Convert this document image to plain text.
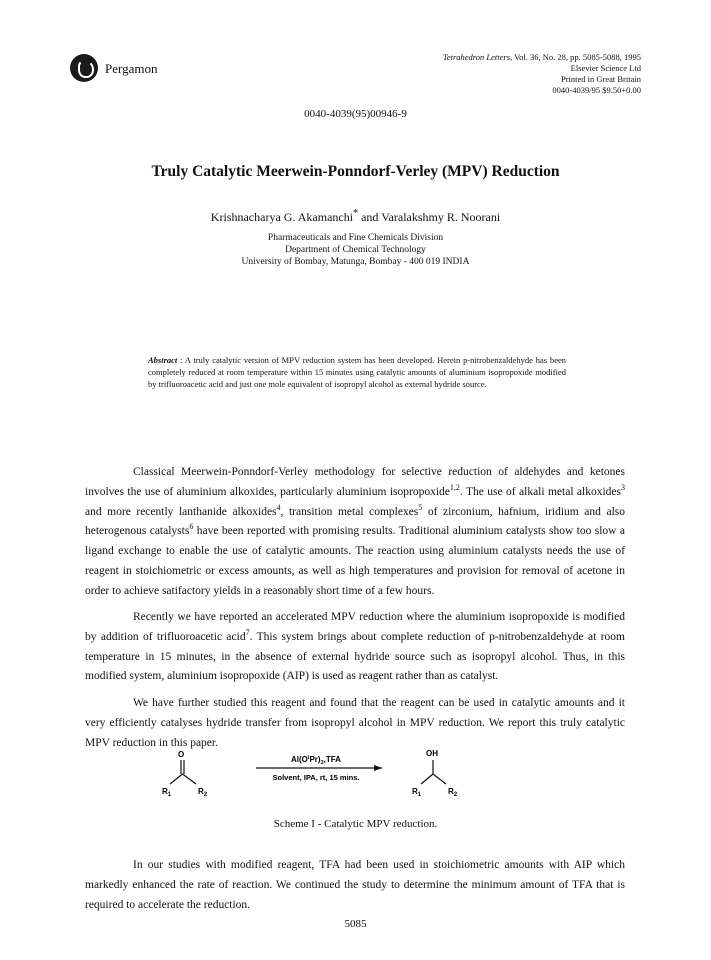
Pergamon
Tetrahedron Letters, Vol. 36, No. 28, pp. 5085-5088, 1995
Elsevier Science Ltd
Printed in Great Britain
0040-4039/95 $9.50+0.00
0040-4039(95)00946-9
Truly Catalytic Meerwein-Ponndorf-Verley (MPV) Reduction
Krishnacharya G. Akamanchi* and Varalakshmy R. Noorani
Pharmaceuticals and Fine Chemicals Division
Department of Chemical Technology
University of Bombay, Matunga, Bombay - 400 019 INDIA
Abstract : A truly catalytic version of MPV reduction system has been developed. Herein p-nitrobenzaldehyde has been completely reduced at room temperature within 15 minutes using catalytic amounts of aluminium isopropoxide modified by trifluoroacetic acid and just one mole equivalent of isopropyl alcohol as external hydride source.

Classical Meerwein-Ponndorf-Verley methodology for selective reduction of aldehydes and ketones involves the use of aluminium alkoxides, particularly aluminium isopropoxide$^{1,2}$. The use of alkali metal alkoxides$^3$ and more recently lanthanide alkoxides$^4$, transition metal complexes$^5$ of zirconium, hafnium, iridium and also heterogenous catalysts$^6$ have been reported with promising results. Traditional aluminium catalysts show too slow a ligand exchange to enable the use of catalytic amounts. The reaction using aluminium catalysts needs the use of reagent in stoichiometric or excess amounts, as well as high temperatures and provision for removal of acetone in order to achieve satifactory yields in a reasonably short time of a few hours.

Recently we have reported an accelerated MPV reduction where the aluminium isopropoxide is modified by addition of trifluoroacetic acid$^7$. This system brings about complete reduction of p-nitrobenzaldehyde at room temperature in 15 minutes, in the absence of external hydride source such as isopropyl alcohol. Thus, in this modified system, aluminium isopropoxide (AIP) is used as reagent rather than as catalyst.

We have further studied this reagent and found that the reagent can be used in catalytic amounts and it very efficiently catalyses hydride transfer from isopropyl alcohol in MPV reduction. We report this truly catalytic MPV reduction in this paper.

O
$R_1$	$R_2$
$Al(O^iPr)_3,TFA$
Solvent, IPA, rt, 15 mins.
OH
$R_1$	$R_2$
Scheme I - Catalytic MPV reduction.

In our studies with modified reagent, TFA had been used in stoichiometric amounts with AIP which markedly enhanced the rate of reaction. We continued the study to determine the minimum amount of TFA that is required to accelerate the reduction.

5085
